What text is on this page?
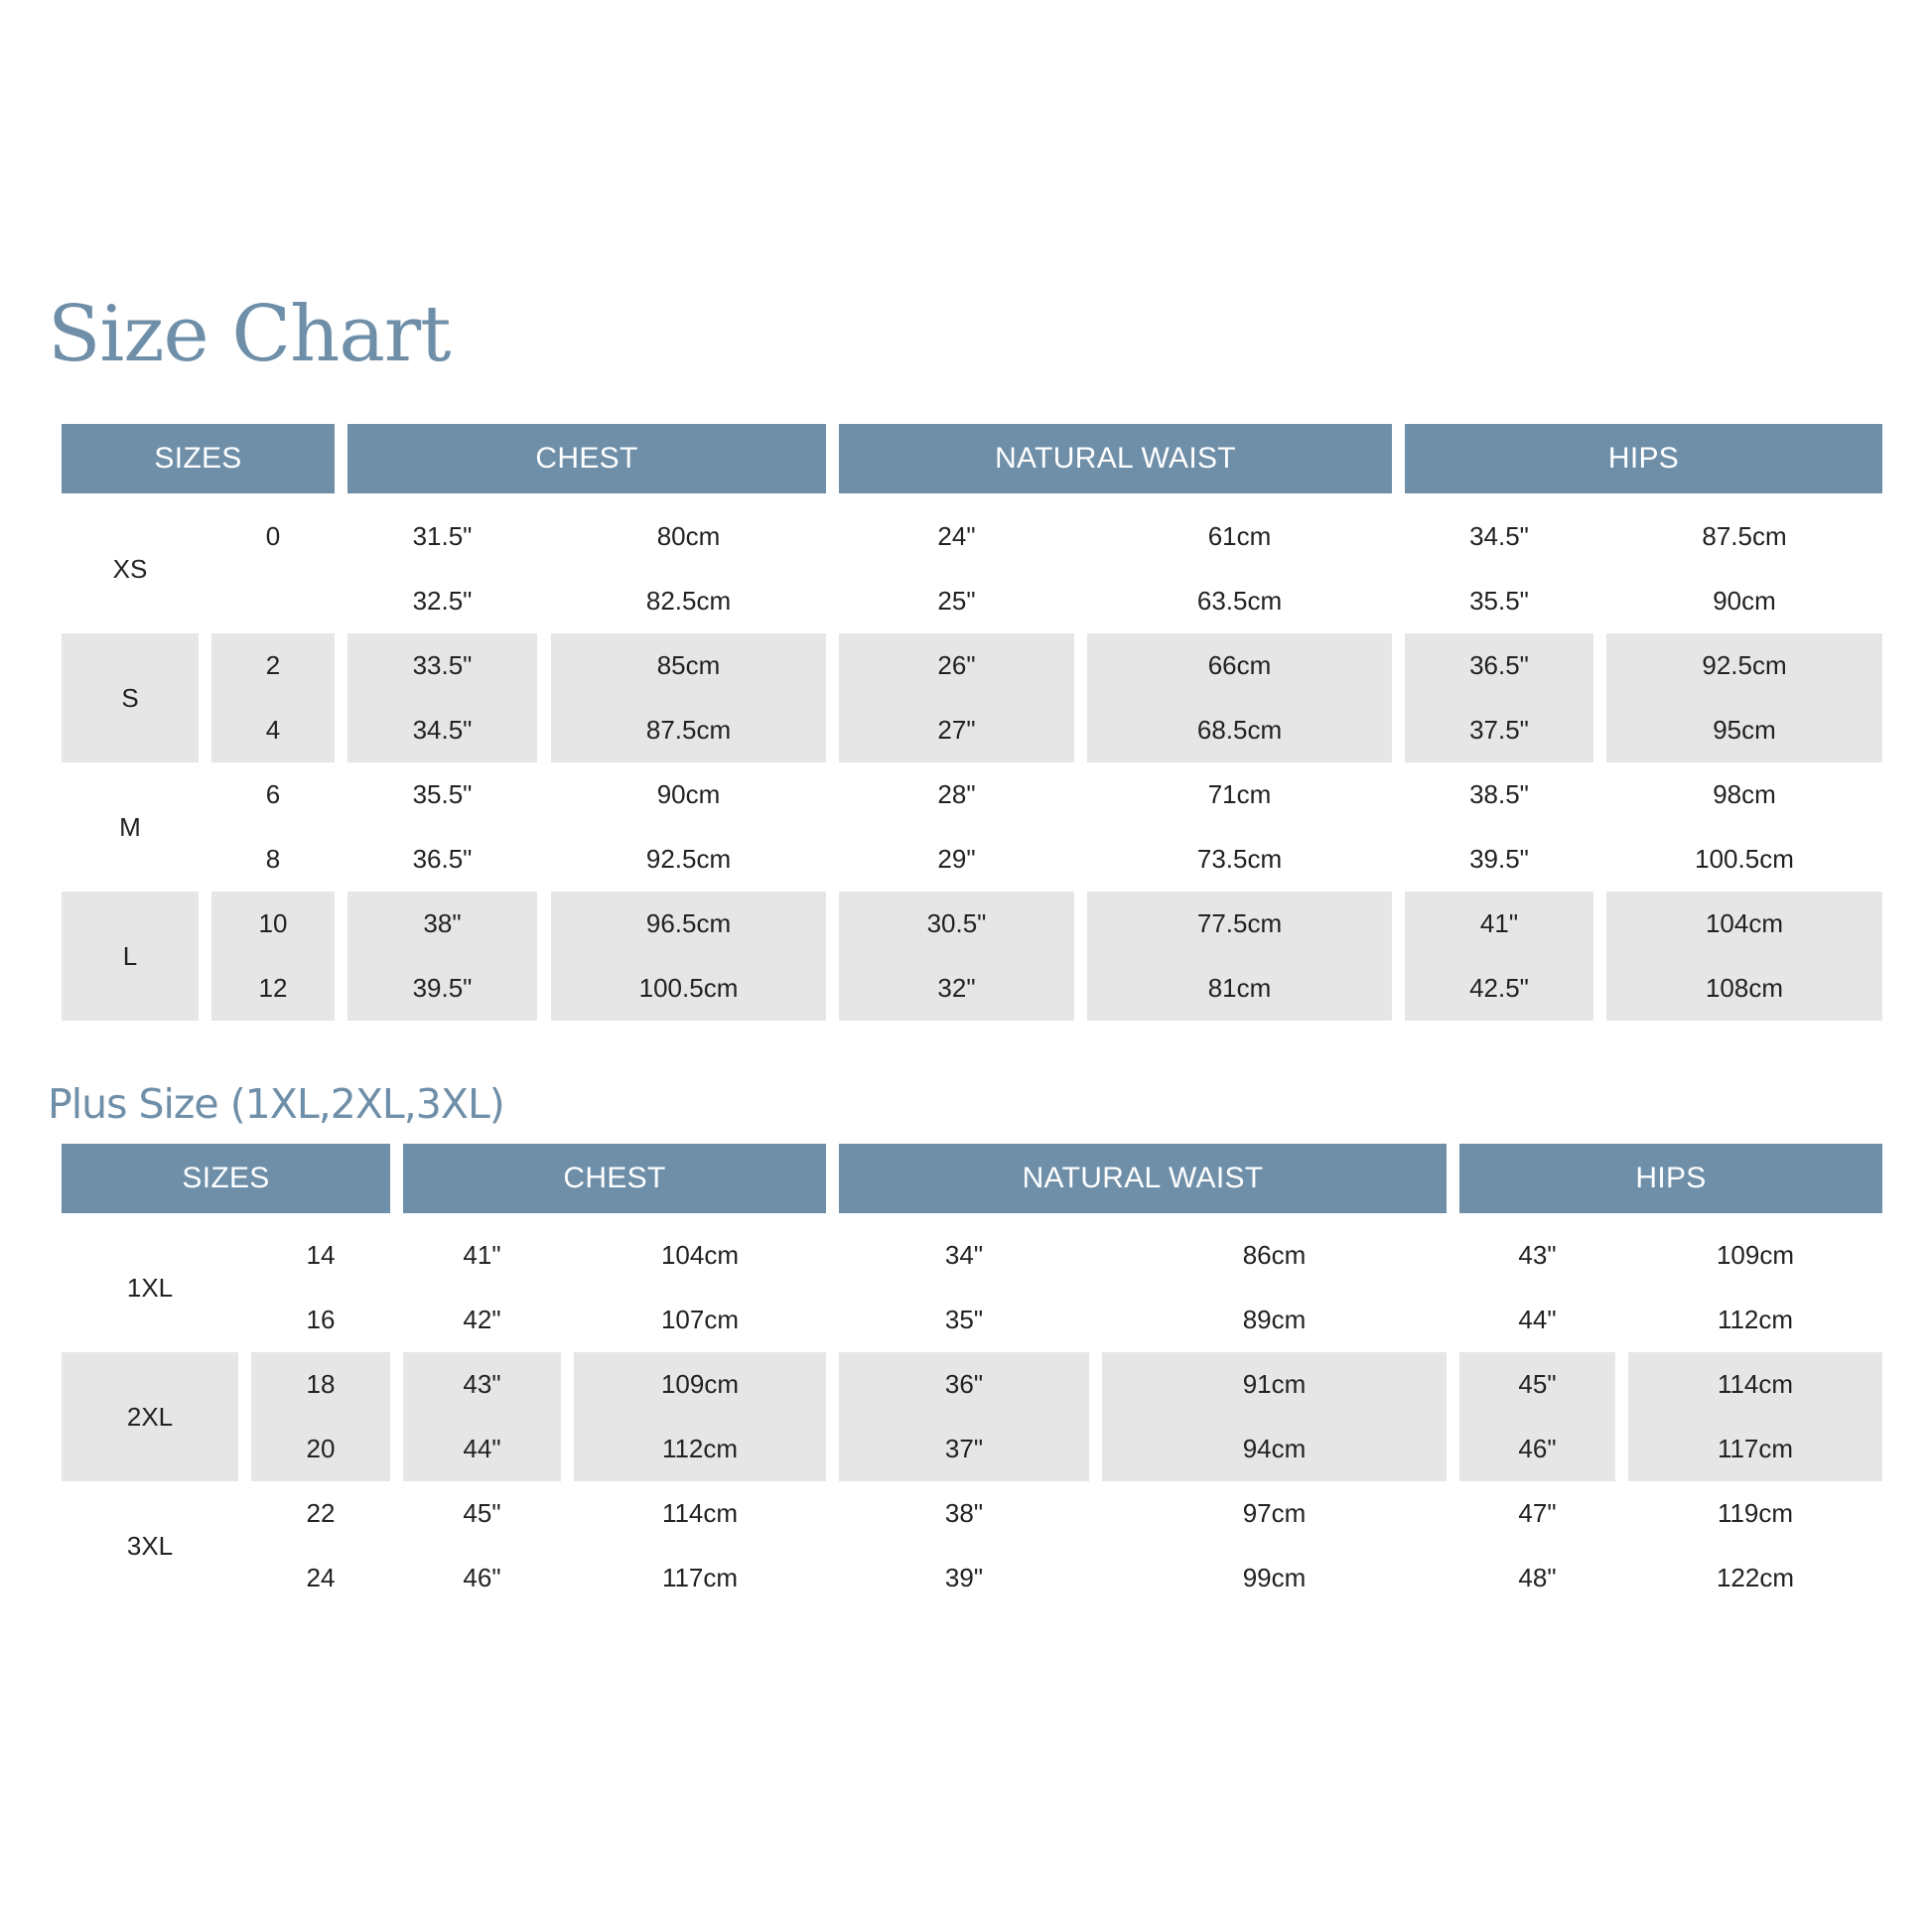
Size Chart
SIZES	CHEST	NATURAL WAIST	HIPS
XS
0	31.5"	80cm	24"	61cm	34.5"	87.5cm
32.5"	82.5cm	25"	63.5cm	35.5"	90cm
S
2	33.5"	85cm	26"	66cm	36.5"	92.5cm
4	34.5"	87.5cm	27"	68.5cm	37.5"	95cm
M
6	35.5"	90cm	28"	71cm	38.5"	98cm
8	36.5"	92.5cm	29"	73.5cm	39.5"	100.5cm
L
10	38"	96.5cm	30.5"	77.5cm	41"	104cm
12	39.5"	100.5cm	32"	81cm	42.5"	108cm
Plus Size (1XL,2XL,3XL)
SIZES	CHEST	NATURAL WAIST	HIPS
1XL
14	41"	104cm	34"	86cm	43"	109cm
16	42"	107cm	35"	89cm	44"	112cm
2XL
18	43"	109cm	36"	91cm	45"	114cm
20	44"	112cm	37"	94cm	46"	117cm
3XL
22	45"	114cm	38"	97cm	47"	119cm
24	46"	117cm	39"	99cm	48"	122cm
